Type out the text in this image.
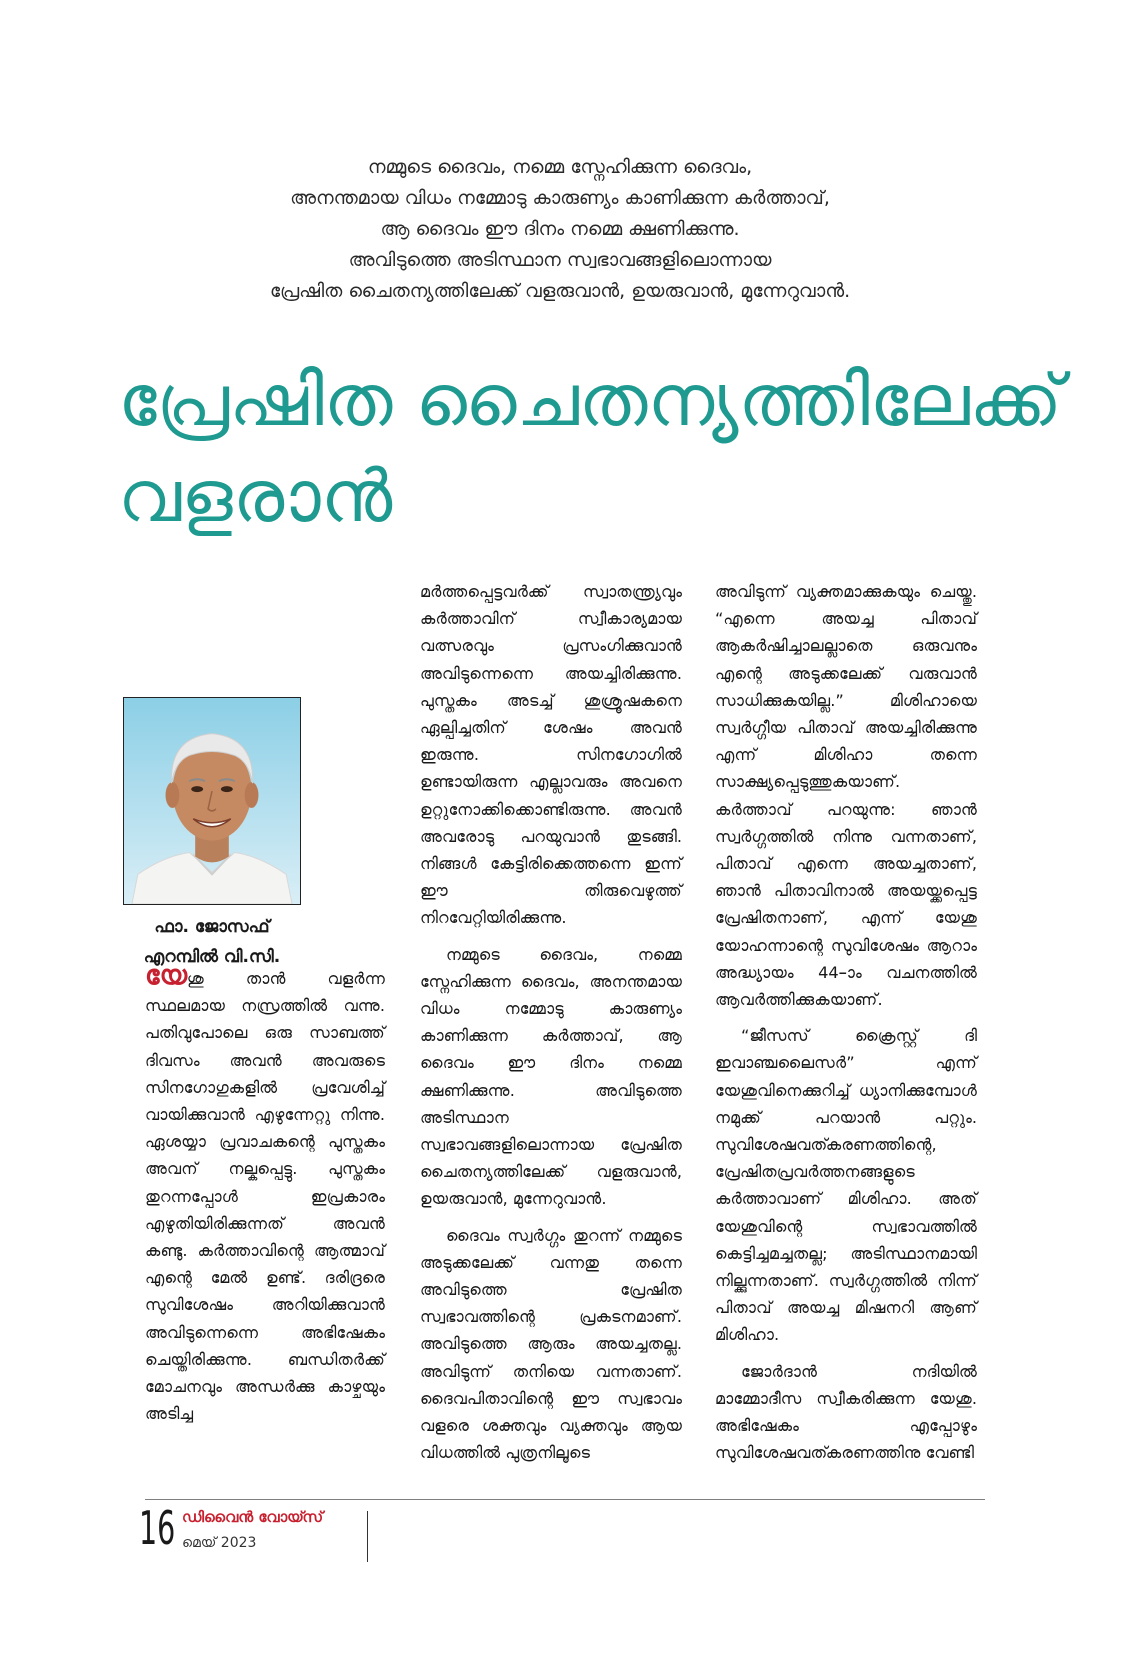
നമ്മുടെ ദൈവം, നമ്മെ സ്നേഹിക്കുന്ന ദൈവം,
അനന്തമായ വിധം നമ്മോടു കാരുണ്യം കാണിക്കുന്ന കർത്താവ്,
ആ ദൈവം ഈ ദിനം നമ്മെ ക്ഷണിക്കുന്നു.
അവിടുത്തെ അടിസ്ഥാന സ്വഭാവങ്ങളിലൊന്നായ
പ്രേഷിത ചൈതന്യത്തിലേക്ക് വളരുവാൻ, ഉയരുവാൻ, മുന്നേറുവാൻ.
പ്രേഷിത ചൈതന്യത്തിലേക്ക്
വളരാൻ
ഫാ. ജോസഫ്
എറമ്പിൽ വി.സി.

യേശു താൻ വളർന്ന സ്ഥലമായ നസ്രത്തിൽ വന്നു. പതിവുപോലെ ഒരു സാബത്ത് ദിവസം അവൻ അവരുടെ സിനഗോഗുകളിൽ പ്രവേശിച്ച് വായിക്കുവാൻ എഴുന്നേറ്റു നിന്നു. ഏശയ്യാ പ്രവാചകന്റെ പുസ്തകം അവന് നല്കപ്പെട്ടു. പുസ്തകം തുറന്നപ്പോൾ ഇപ്രകാരം എഴുതിയിരിക്കുന്നത് അവൻ കണ്ടു. കർത്താവിന്റെ ആത്മാവ് എന്റെ മേൽ ഉണ്ട്. ദരിദ്രരെ സുവിശേഷം അറിയിക്കുവാൻ അവിടുന്നെന്നെ അഭിഷേകം ചെയ്തിരിക്കുന്നു. ബന്ധിതർക്ക് മോചനവും അന്ധർക്കു കാഴ്ചയും അടിച്ച

മർത്തപ്പെട്ടവർക്ക് സ്വാതന്ത്ര്യവും കർത്താവിന് സ്വീകാര്യമായ വത്സരവും പ്രസംഗിക്കുവാൻ അവിടുന്നെന്നെ അയച്ചിരിക്കുന്നു. പുസ്തകം അടച്ച് ശുശ്രൂഷകനെ ഏല്പിച്ചതിന് ശേഷം അവൻ ഇരുന്നു. സിനഗോഗിൽ ഉണ്ടായിരുന്ന എല്ലാവരും അവനെ ഉറ്റുനോക്കിക്കൊണ്ടിരുന്നു. അവൻ അവരോടു പറയുവാൻ തുടങ്ങി. നിങ്ങൾ കേട്ടിരിക്കെത്തന്നെ ഇന്ന് ഈ തിരുവെഴുത്ത് നിറവേറ്റിയിരിക്കുന്നു.

നമ്മുടെ ദൈവം, നമ്മെ സ്നേഹിക്കുന്ന ദൈവം, അനന്തമായ വിധം നമ്മോടു കാരുണ്യം കാണിക്കുന്ന കർത്താവ്, ആ ദൈവം ഈ ദിനം നമ്മെ ക്ഷണിക്കുന്നു. അവിടുത്തെ അടിസ്ഥാന സ്വഭാവങ്ങളിലൊന്നായ പ്രേഷിത ചൈതന്യത്തിലേക്ക് വളരുവാൻ, ഉയരുവാൻ, മുന്നേറുവാൻ.

ദൈവം സ്വർഗ്ഗം തുറന്ന് നമ്മുടെ അടുക്കലേക്ക് വന്നതു തന്നെ അവിടുത്തെ പ്രേഷിത സ്വഭാവത്തിന്റെ പ്രകടനമാണ്. അവിടുത്തെ ആരും അയച്ചതല്ല. അവിടുന്ന് തനിയെ വന്നതാണ്. ദൈവപിതാവിന്റെ ഈ സ്വഭാവം വളരെ ശക്തവും വ്യക്തവും ആയ വിധത്തിൽ പുത്രനിലൂടെ

അവിടുന്ന് വ്യക്തമാക്കുകയും ചെയ്തു. “എന്നെ അയച്ച പിതാവ് ആകർഷിച്ചാലല്ലാതെ ഒരുവനും എന്റെ അടുക്കലേക്ക് വരുവാൻ സാധിക്കുകയില്ല.” മിശിഹായെ സ്വർഗ്ഗീയ പിതാവ് അയച്ചിരിക്കുന്നു എന്ന് മിശിഹാ തന്നെ സാക്ഷ്യപ്പെടുത്തുകയാണ്. കർത്താവ് പറയുന്നു: ഞാൻ സ്വർഗ്ഗത്തിൽ നിന്നു വന്നതാണ്, പിതാവ് എന്നെ അയച്ചതാണ്, ഞാൻ പിതാവിനാൽ അയയ്ക്കപ്പെട്ട പ്രേഷിതനാണ്, എന്ന് യേശു യോഹന്നാന്റെ സുവിശേഷം ആറാം അദ്ധ്യായം 44–ാം വചനത്തിൽ ആവർത്തിക്കുകയാണ്.

“ജീസസ് ക്രൈസ്റ്റ് ദി ഇവാഞ്ചലൈസർ” എന്ന് യേശുവിനെക്കുറിച്ച് ധ്യാനിക്കുമ്പോൾ നമുക്ക് പറയാൻ പറ്റും. സുവിശേഷവത്കരണത്തിന്റെ, പ്രേഷിതപ്രവർത്തനങ്ങളുടെ കർത്താവാണ് മിശിഹാ. അത് യേശുവിന്റെ സ്വഭാവത്തിൽ കെട്ടിച്ചമച്ചതല്ല; അടിസ്ഥാനമായി നില്ക്കുന്നതാണ്. സ്വർഗ്ഗത്തിൽ നിന്ന് പിതാവ് അയച്ച മിഷനറി ആണ് മിശിഹാ.

ജോർദാൻ നദിയിൽ മാമ്മോദീസ സ്വീകരിക്കുന്ന യേശു. അഭിഷേകം എപ്പോഴും സുവിശേഷവത്കരണത്തിനു വേണ്ടി

16 ഡിവൈൻ വോയ്സ്
മെയ് 2023
